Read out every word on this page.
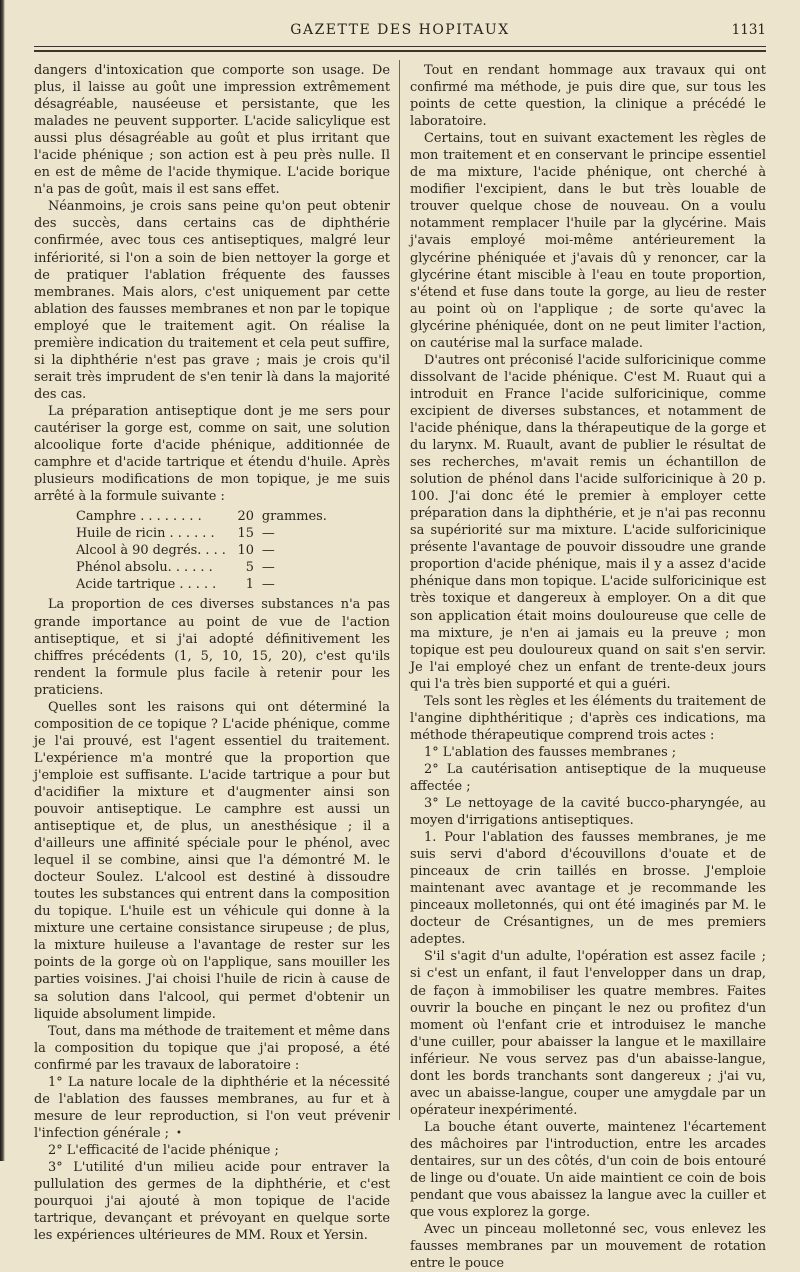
GAZETTE DES HOPITAUX	1131

dangers d'intoxication que comporte son usage. De plus, il laisse au goût une impression extrêmement désagréable, nauséeuse et persistante, que les malades ne peuvent supporter. L'acide salicylique est aussi plus désagréable au goût et plus irritant que l'acide phénique ; son action est à peu près nulle. Il en est de même de l'acide thymique. L'acide borique n'a pas de goût, mais il est sans effet.

Néanmoins, je crois sans peine qu'on peut obtenir des succès, dans certains cas de diphthérie confirmée, avec tous ces antiseptiques, malgré leur infériorité, si l'on a soin de bien nettoyer la gorge et de pratiquer l'ablation fréquente des fausses membranes. Mais alors, c'est uniquement par cette ablation des fausses membranes et non par le topique employé que le traitement agit. On réalise la première indication du traitement et cela peut suffire, si la diphthérie n'est pas grave ; mais je crois qu'il serait très imprudent de s'en tenir là dans la majorité des cas.

La préparation antiseptique dont je me sers pour cautériser la gorge est, comme on sait, une solution alcoolique forte d'acide phénique, additionnée de camphre et d'acide tartrique et étendu d'huile. Après plusieurs modifications de mon topique, je me suis arrêté à la formule suivante :

Camphre . . . . . . . .	20	grammes.
Huile de ricin . . . . . .	15	—
Alcool à 90 degrés. . . .	10	—
Phénol absolu. . . . . .	5	—
Acide tartrique . . . . .	1	—

La proportion de ces diverses substances n'a pas grande importance au point de vue de l'action antiseptique, et si j'ai adopté définitivement les chiffres précédents (1, 5, 10, 15, 20), c'est qu'ils rendent la formule plus facile à retenir pour les praticiens.

Quelles sont les raisons qui ont déterminé la composition de ce topique ? L'acide phénique, comme je l'ai prouvé, est l'agent essentiel du traitement. L'expérience m'a montré que la proportion que j'emploie est suffisante. L'acide tartrique a pour but d'acidifier la mixture et d'augmenter ainsi son pouvoir antiseptique. Le camphre est aussi un antiseptique et, de plus, un anesthésique ; il a d'ailleurs une affinité spéciale pour le phénol, avec lequel il se combine, ainsi que l'a démontré M. le docteur Soulez. L'alcool est destiné à dissoudre toutes les substances qui entrent dans la composition du topique. L'huile est un véhicule qui donne à la mixture une certaine consistance sirupeuse ; de plus, la mixture huileuse a l'avantage de rester sur les points de la gorge où on l'applique, sans mouiller les parties voisines. J'ai choisi l'huile de ricin à cause de sa solution dans l'alcool, qui permet d'obtenir un liquide absolument limpide.

Tout, dans ma méthode de traitement et même dans la composition du topique que j'ai proposé, a été confirmé par les travaux de laboratoire :

1° La nature locale de la diphthérie et la nécessité de l'ablation des fausses membranes, au fur et à mesure de leur reproduction, si l'on veut prévenir l'infection générale ;

2° L'efficacité de l'acide phénique ;

3° L'utilité d'un milieu acide pour entraver la pullulation des germes de la diphthérie, et c'est pourquoi j'ai ajouté à mon topique de l'acide tartrique, devançant et prévoyant en quelque sorte les expériences ultérieures de MM. Roux et Yersin.

Tout en rendant hommage aux travaux qui ont confirmé ma méthode, je puis dire que, sur tous les points de cette question, la clinique a précédé le laboratoire.

Certains, tout en suivant exactement les règles de mon traitement et en conservant le principe essentiel de ma mixture, l'acide phénique, ont cherché à modifier l'excipient, dans le but très louable de trouver quelque chose de nouveau. On a voulu notamment remplacer l'huile par la glycérine. Mais j'avais employé moi-même antérieurement la glycérine phéniquée et j'avais dû y renoncer, car la glycérine étant miscible à l'eau en toute proportion, s'étend et fuse dans toute la gorge, au lieu de rester au point où on l'applique ; de sorte qu'avec la glycérine phéniquée, dont on ne peut limiter l'action, on cautérise mal la surface malade.

D'autres ont préconisé l'acide sulforicinique comme dissolvant de l'acide phénique. C'est M. Ruaut qui a introduit en France l'acide sulforicinique, comme excipient de diverses substances, et notamment de l'acide phénique, dans la thérapeutique de la gorge et du larynx. M. Ruault, avant de publier le résultat de ses recherches, m'avait remis un échantillon de solution de phénol dans l'acide sulforicinique à 20 p. 100. J'ai donc été le premier à employer cette préparation dans la diphthérie, et je n'ai pas reconnu sa supériorité sur ma mixture. L'acide sulforicinique présente l'avantage de pouvoir dissoudre une grande proportion d'acide phénique, mais il y a assez d'acide phénique dans mon topique. L'acide sulforicinique est très toxique et dangereux à employer. On a dit que son application était moins douloureuse que celle de ma mixture, je n'en ai jamais eu la preuve ; mon topique est peu douloureux quand on sait s'en servir. Je l'ai employé chez un enfant de trente-deux jours qui l'a très bien supporté et qui a guéri.

Tels sont les règles et les éléments du traitement de l'angine diphthéritique ; d'après ces indications, ma méthode thérapeutique comprend trois actes :

1° L'ablation des fausses membranes ;

2° La cautérisation antiseptique de la muqueuse affectée ;

3° Le nettoyage de la cavité bucco-pharyngée, au moyen d'irrigations antiseptiques.

1. Pour l'ablation des fausses membranes, je me suis servi d'abord d'écouvillons d'ouate et de pinceaux de crin taillés en brosse. J'emploie maintenant avec avantage et je recommande les pinceaux molletonnés, qui ont été imaginés par M. le docteur de Crésantignes, un de mes premiers adeptes.

S'il s'agit d'un adulte, l'opération est assez facile ; si c'est un enfant, il faut l'envelopper dans un drap, de façon à immobiliser les quatre membres. Faites ouvrir la bouche en pinçant le nez ou profitez d'un moment où l'enfant crie et introduisez le manche d'une cuiller, pour abaisser la langue et le maxillaire inférieur. Ne vous servez pas d'un abaisse-langue, dont les bords tranchants sont dangereux ; j'ai vu, avec un abaisse-langue, couper une amygdale par un opérateur inexpérimenté.

La bouche étant ouverte, maintenez l'écartement des mâchoires par l'introduction, entre les arcades dentaires, sur un des côtés, d'un coin de bois entouré de linge ou d'ouate. Un aide maintient ce coin de bois pendant que vous abaissez la langue avec la cuiller et que vous explorez la gorge.

Avec un pinceau molletonné sec, vous enlevez les fausses membranes par un mouvement de rotation entre le pouce

•
